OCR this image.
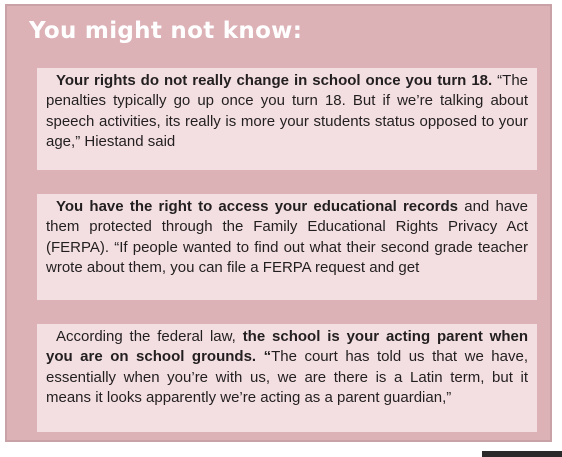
You might not know:

Your rights do not really change in school once you turn 18. “The penalties typically go up once you turn 18. But if we’re talking about speech activities, its really is more your students status opposed to your age,” Hiestand said

You have the right to access your educational records and have them protected through the Family Educational Rights Privacy Act (FERPA). “If people wanted to find out what their second grade teacher wrote about them, you can file a FERPA request and get

According the federal law, the school is your acting parent when you are on school grounds. “The court has told us that we have, essentially when you’re with us, we are there is a Latin term, but it means it looks apparently we’re acting as a parent guardian,”
